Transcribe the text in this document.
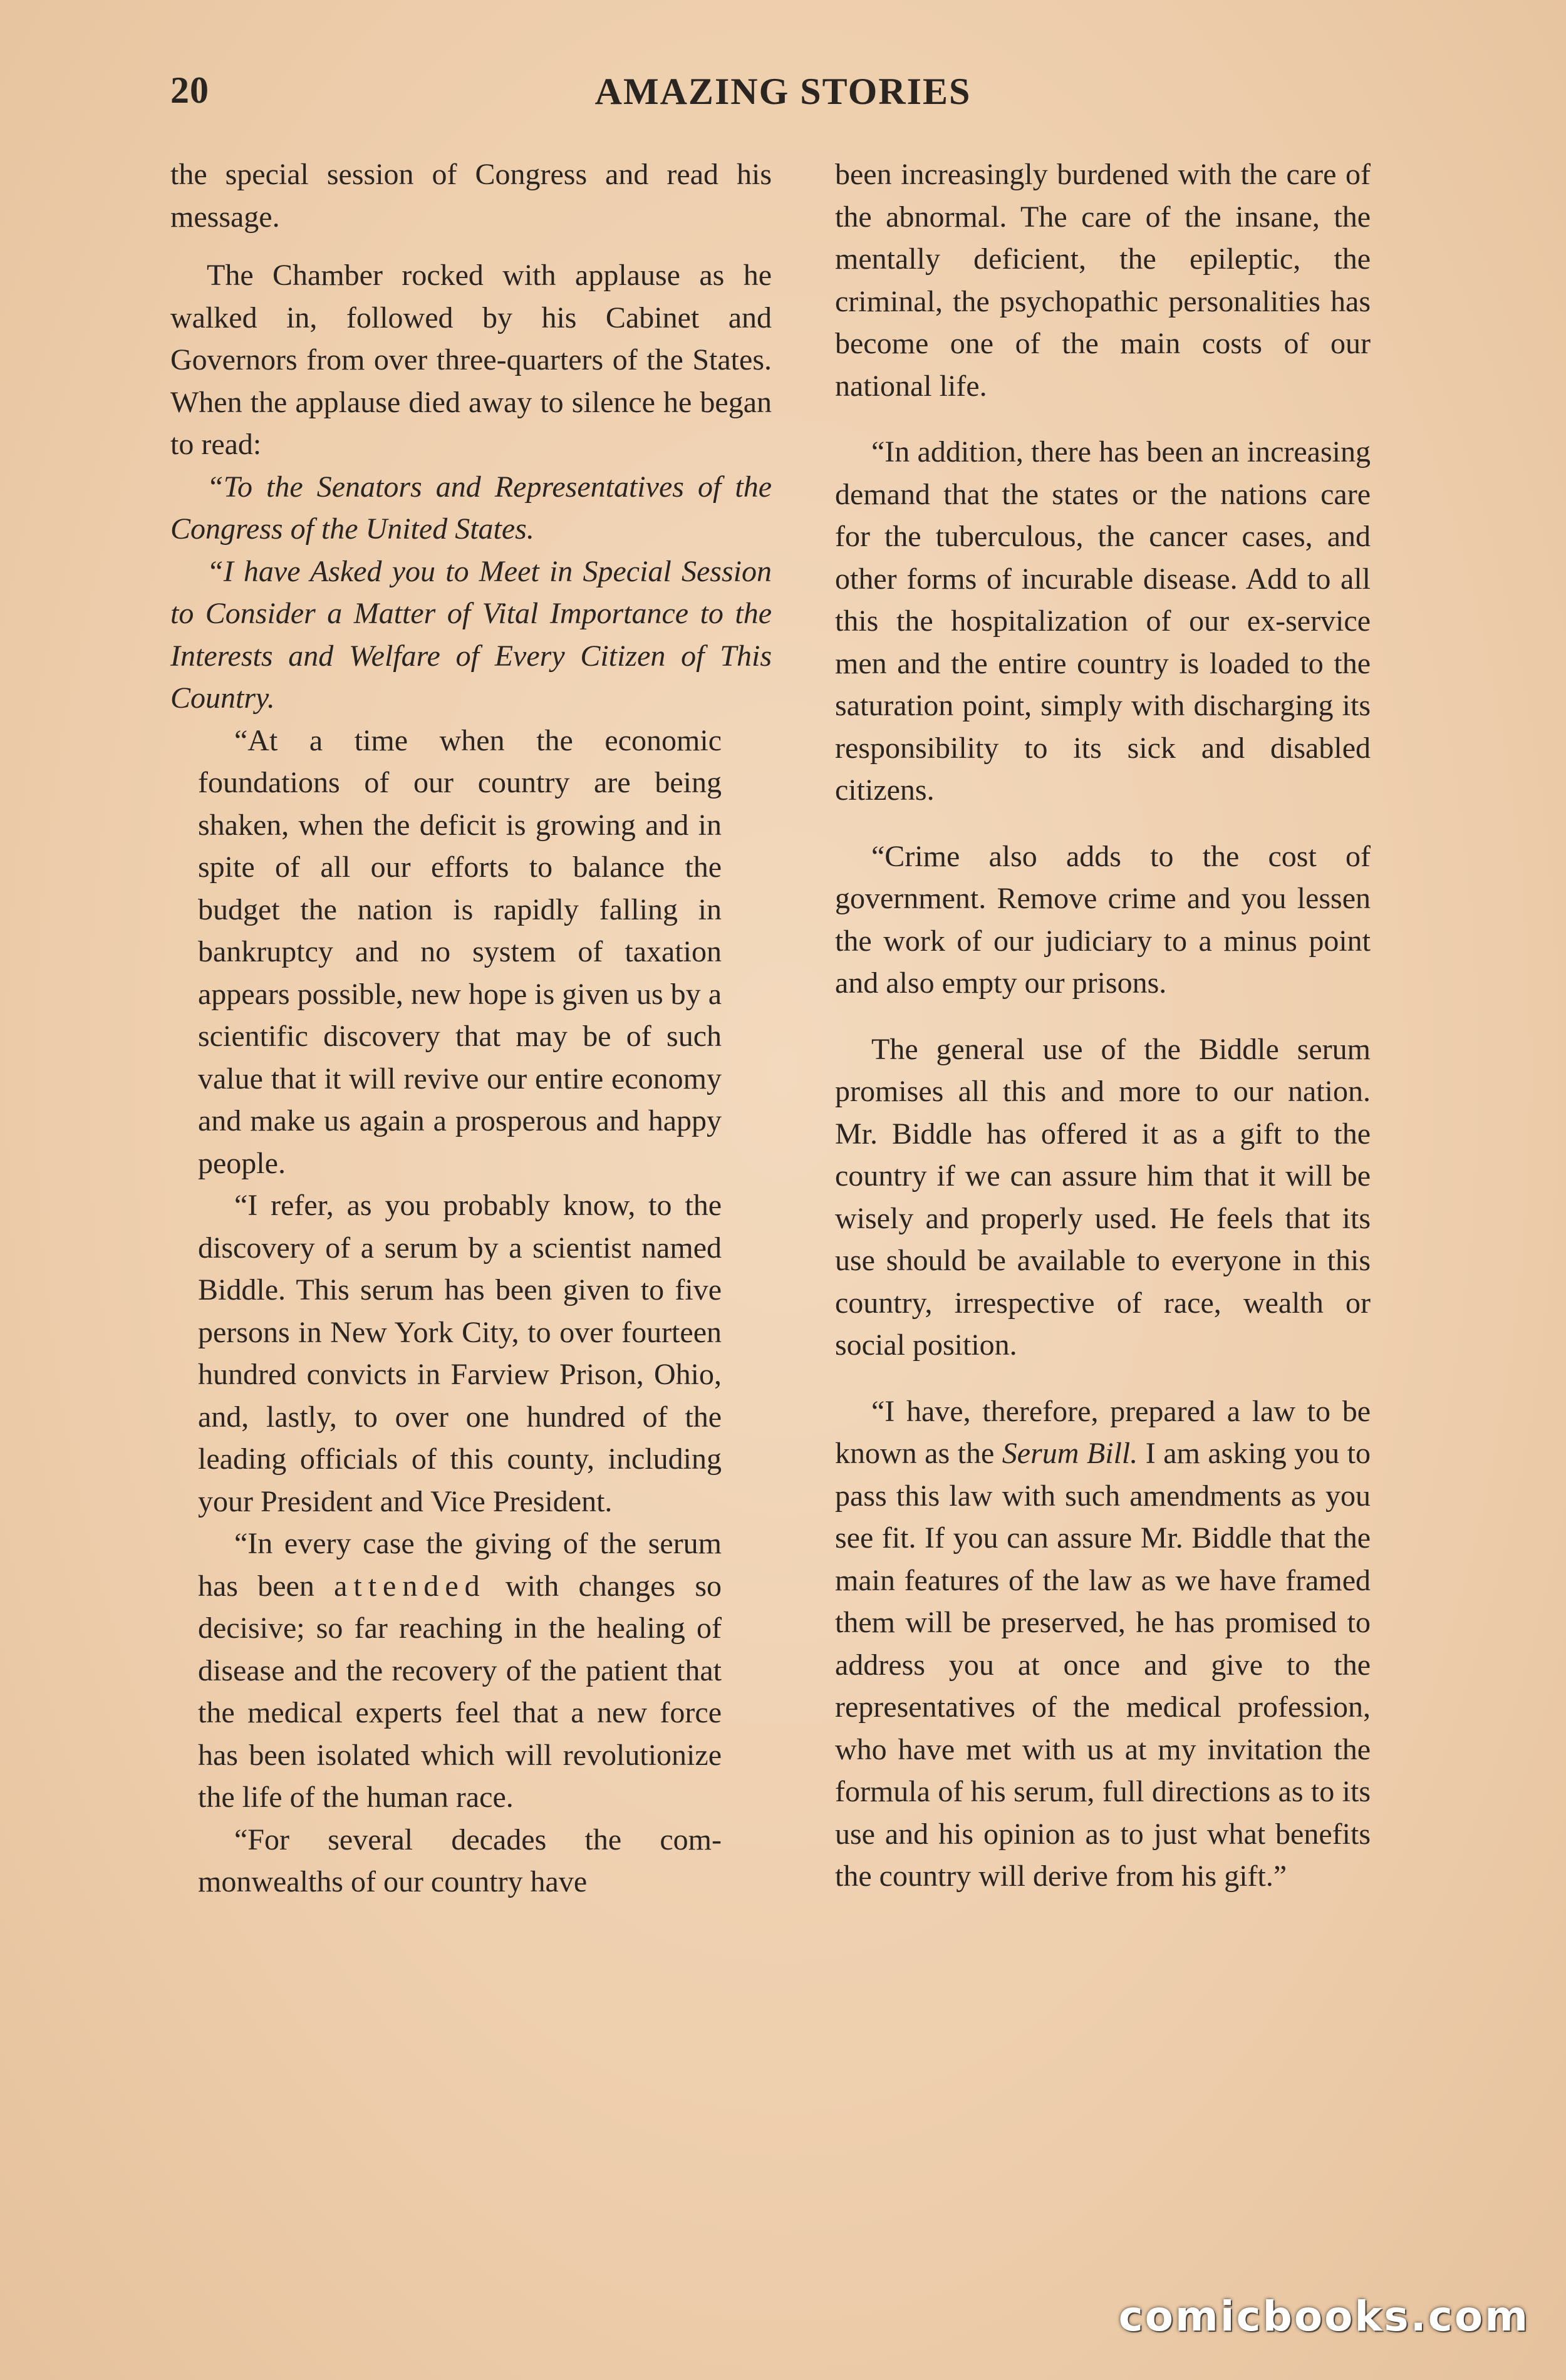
20	AMAZING STORIES

the special session of Congress and read his message.

The Chamber rocked with applause as he walked in, followed by his Cabinet and Governors from over three-quarters of the States. When the applause died away to silence he began to read:

“To the Senators and Representatives of the Congress of the United States.

“I have Asked you to Meet in Special Session to Consider a Matter of Vital Importance to the Interests and Welfare of Every Citizen of This Country.

“At a time when the economic foundations of our country are being shaken, when the deficit is growing and in spite of all our efforts to balance the budget the nation is rapidly falling in bankruptcy and no system of taxation appears possible, new hope is given us by a scientific discovery that may be of such value that it will revive our entire economy and make us again a prosperous and happy people.

“I refer, as you probably know, to the discovery of a serum by a scientist named Biddle. This serum has been given to five persons in New York City, to over fourteen hundred convicts in Farview Prison, Ohio, and, lastly, to over one hundred of the leading officials of this county, including your President and Vice President.

“In every case the giving of the serum has been attended with changes so decisive; so far reaching in the healing of disease and the recovery of the patient that the medical experts feel that a new force has been isolated which will revolutionize the life of the human race.

“For several decades the commonwealths of our country have

been increasingly burdened with the care of the abnormal. The care of the insane, the mentally deficient, the epileptic, the criminal, the psychopathic personalities has become one of the main costs of our national life.

“In addition, there has been an increasing demand that the states or the nations care for the tuberculous, the cancer cases, and other forms of incurable disease. Add to all this the hospitalization of our ex-service men and the entire country is loaded to the saturation point, simply with discharging its responsibility to its sick and disabled citizens.

“Crime also adds to the cost of government. Remove crime and you lessen the work of our judiciary to a minus point and also empty our prisons.

The general use of the Biddle serum promises all this and more to our nation. Mr. Biddle has offered it as a gift to the country if we can assure him that it will be wisely and properly used. He feels that its use should be available to everyone in this country, irrespective of race, wealth or social position.

“I have, therefore, prepared a law to be known as the Serum Bill. I am asking you to pass this law with such amendments as you see fit. If you can assure Mr. Biddle that the main features of the law as we have framed them will be preserved, he has promised to address you at once and give to the representatives of the medical profession, who have met with us at my invitation the formula of his serum, full directions as to its use and his opinion as to just what benefits the country will derive from his gift.”

comicbooks.com
